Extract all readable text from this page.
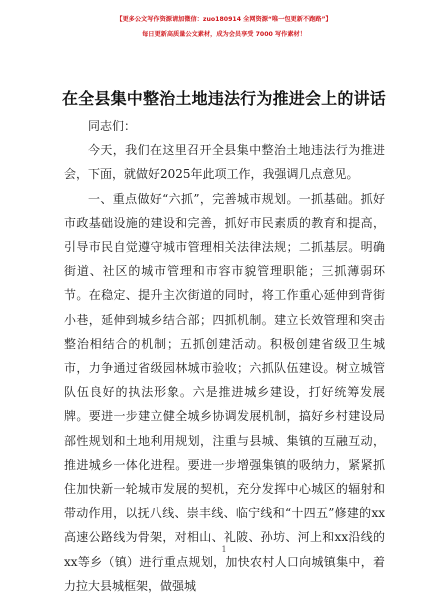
【更多公文写作资源请加微信：zuo180914 全网资源“唯一包更新不跑路”】
每日更新高质量公文素材，成为会员享受 7000 写作素材！
在全县集中整治土地违法行为推进会上的讲话

同志们：

今天，我们在这里召开全县集中整治土地违法行为推进会，下面，就做好2025年此项工作，我强调几点意见。

一、重点做好“六抓”，完善城市规划。一抓基础。抓好市政基础设施的建设和完善，抓好市民素质的教育和提高，引导市民自觉遵守城市管理相关法律法规；二抓基层。明确街道、社区的城市管理和市容市貌管理职能；三抓薄弱环节。在稳定、提升主次街道的同时，将工作重心延伸到背街小巷，延伸到城乡结合部；四抓机制。建立长效管理和突击整治相结合的机制；五抓创建活动。积极创建省级卫生城市，力争通过省级园林城市验收；六抓队伍建设。树立城管队伍良好的执法形象。六是推进城乡建设，打好统筹发展牌。要进一步建立健全城乡协调发展机制，搞好乡村建设局部性规划和土地利用规划，注重与县城、集镇的互融互动，推进城乡一体化进程。要进一步增强集镇的吸纳力，紧紧抓住加快新一轮城市发展的契机，充分发挥中心城区的辐射和带动作用，以抚八线、崇丰线、临宁线和“十四五”修建的xx高速公路线为骨架，对相山、礼陂、孙坊、河上和xx沿线的xx等乡（镇）进行重点规划，加快农村人口向城镇集中，着力拉大县城框架，做强城

1
